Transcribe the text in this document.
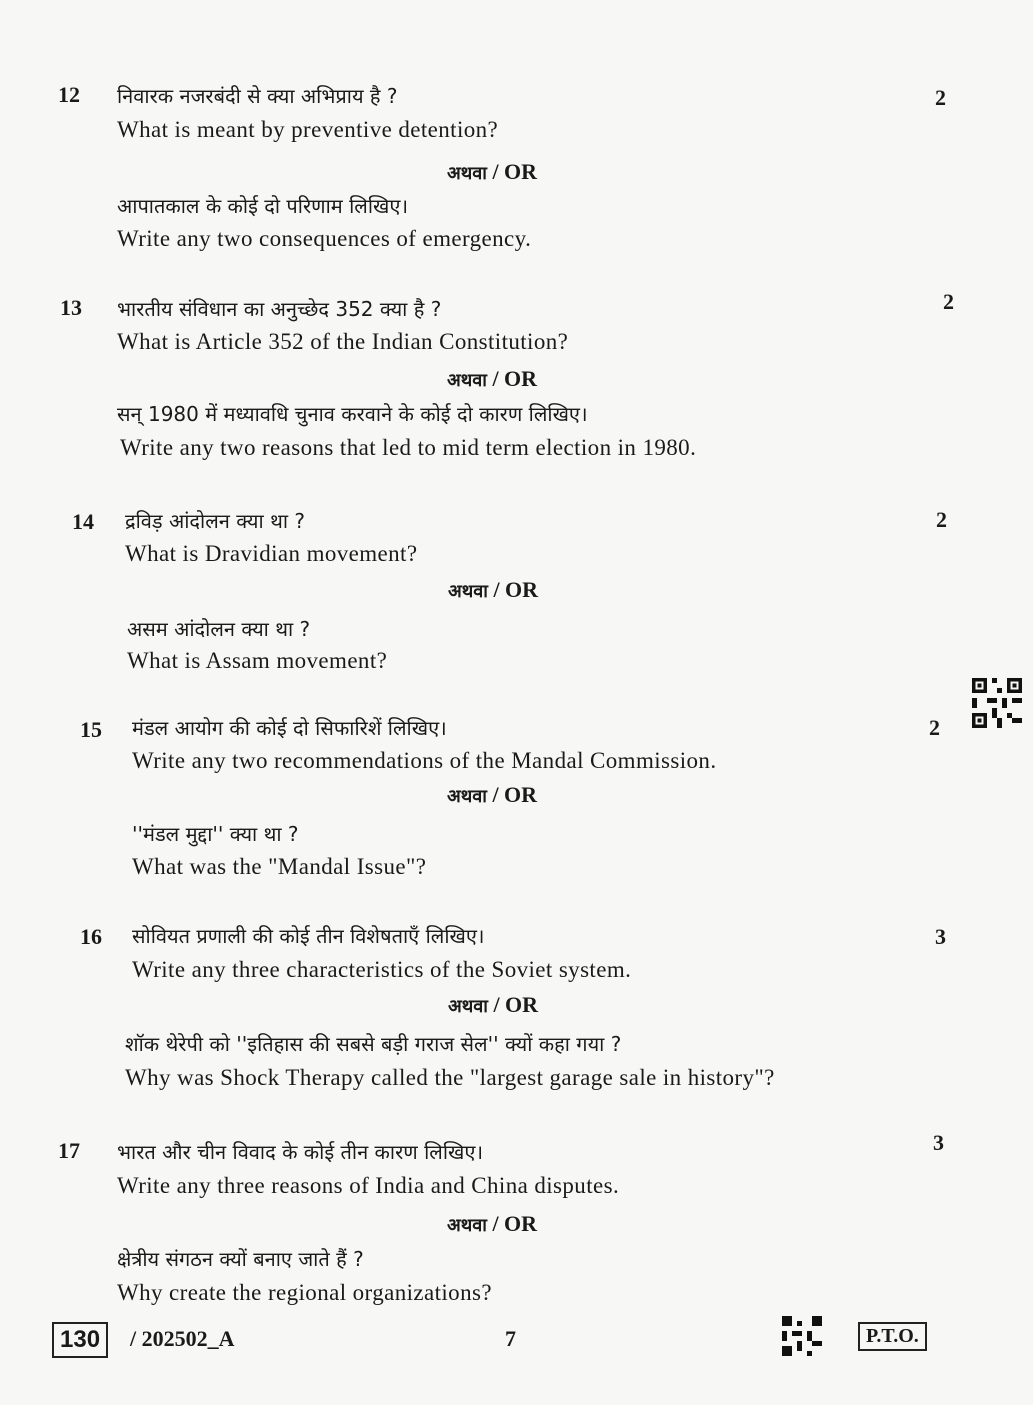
12 निवारक नजरबंदी से क्या अभिप्राय है ?	2
What is meant by preventive detention?
अथवा / OR
आपातकाल के कोई दो परिणाम लिखिए।
Write any two consequences of emergency.
13 भारतीय संविधान का अनुच्छेद 352 क्या है ?	2
What is Article 352 of the Indian Constitution?
अथवा / OR
सन् 1980 में मध्यावधि चुनाव करवाने के कोई दो कारण लिखिए।
Write any two reasons that led to mid term election in 1980.
14 द्रविड़ आंदोलन क्या था ?	2
What is Dravidian movement?
अथवा / OR
असम आंदोलन क्या था ?
What is Assam movement?
15 मंडल आयोग की कोई दो सिफारिशें लिखिए।	2
Write any two recommendations of the Mandal Commission.
अथवा / OR
''मंडल मुद्दा'' क्या था ?
What was the "Mandal Issue"?
16 सोवियत प्रणाली की कोई तीन विशेषताएँ लिखिए।	3
Write any three characteristics of the Soviet system.
अथवा / OR
शॉक थेरेपी को ''इतिहास की सबसे बड़ी गराज सेल'' क्यों कहा गया ?
Why was Shock Therapy called the "largest garage sale in history"?
17 भारत और चीन विवाद के कोई तीन कारण लिखिए।	3
Write any three reasons of India and China disputes.
अथवा / OR
क्षेत्रीय संगठन क्यों बनाए जाते हैं ?
Why create the regional organizations?
130	/ 202502_A	7	P.T.O.
